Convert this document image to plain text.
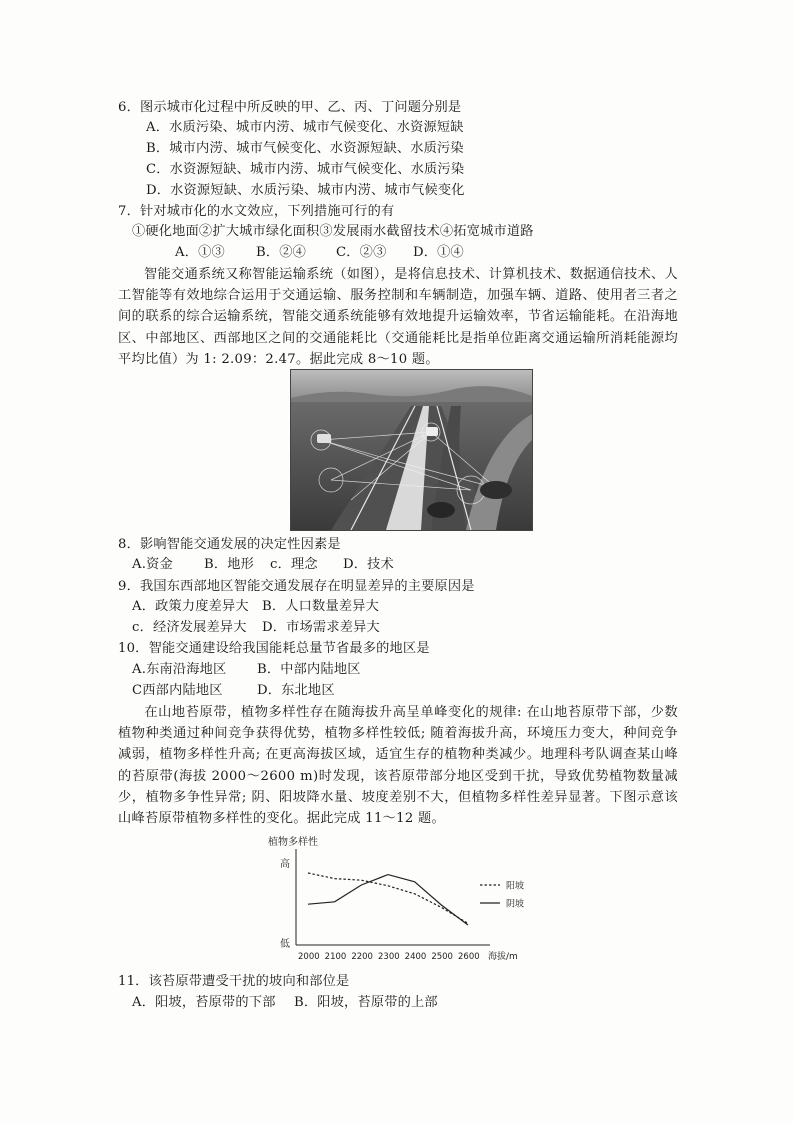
6．图示城市化过程中所反映的甲、乙、丙、丁问题分别是
A．水质污染、城市内涝、城市气候变化、水资源短缺
B．城市内涝、城市气候变化、水资源短缺、水质污染
C．水资源短缺、城市内涝、城市气候变化、水质污染
D．水资源短缺、水质污染、城市内涝、城市气候变化
7．针对城市化的水文效应，下列措施可行的有
①硬化地面②扩大城市绿化面积③发展雨水截留技术④拓宽城市道路
A．①③ B．②④ C．②③ D．①④
智能交通系统又称智能运输系统（如图），是将信息技术、计算机技术、数据通信技术、人工智能等有效地综合运用于交通运输、服务控制和车辆制造，加强车辆、道路、使用者三者之间的联系的综合运输系统，智能交通系统能够有效地提升运输效率，节省运输能耗。在沿海地区、中部地区、西部地区之间的交通能耗比（交通能耗比是指单位距离交通运输所消耗能源均平均比值）为 1: 2.09：2.47。据此完成 8～10 题。
8．影响智能交通发展的决定性因素是
A.资金 B．地形 c．理念 D．技术
9．我国东西部地区智能交通发展存在明显差异的主要原因是
A．政策力度差异大 B．人口数量差异大
c．经济发展差异大 D．市场需求差异大
10．智能交通建设给我国能耗总量节省最多的地区是
A.东南沿海地区 B．中部内陆地区
C西部内陆地区	D．东北地区
在山地苔原带，植物多样性存在随海拔升高呈单峰变化的规律: 在山地苔原带下部，少数植物种类通过种间竞争获得优势，植物多样性较低; 随着海拔升高，环境压力变大，种间竞争减弱，植物多样性升高; 在更高海拔区域，适宜生存的植物种类减少。地理科考队调查某山峰的苔原带(海拔 2000～2600 m)时发现，该苔原带部分地区受到干扰，导致优势植物数量减少，植物多争性异常; 阴、阳坡降水量、坡度差别不大，但植物多样性差异显著。下图示意该山峰苔原带植物多样性的变化。据此完成 11～12 题。
植物多样性
高
低
海拔/m
2000 2100 2200 2300 2400 2500 2600
阳坡
阴坡
11．该苔原带遭受干扰的坡向和部位是
A．阳坡，苔原带的下部 B．阳坡，苔原带的上部
